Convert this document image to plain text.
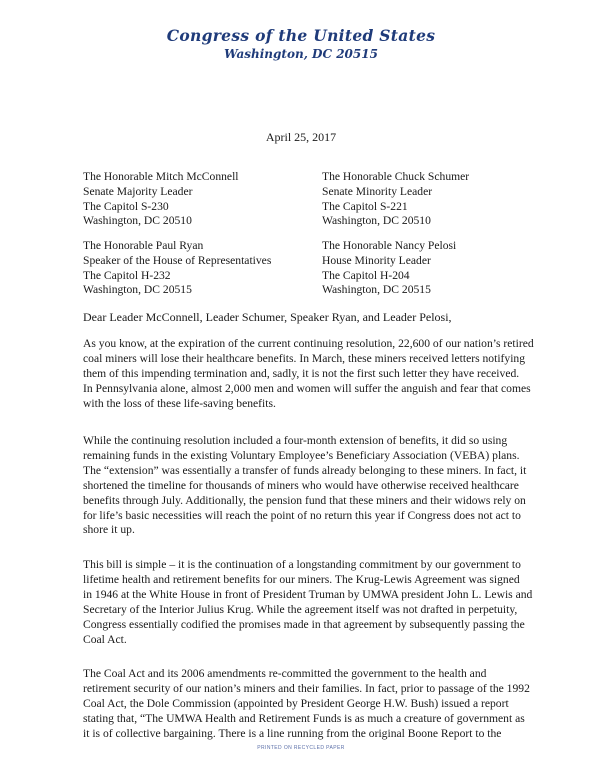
Congress of the United States
Washington, DC 20515
April 25, 2017
The Honorable Mitch McConnell
Senate Majority Leader
The Capitol S-230
Washington, DC 20510
The Honorable Chuck Schumer
Senate Minority Leader
The Capitol S-221
Washington, DC 20510
The Honorable Paul Ryan
Speaker of the House of Representatives
The Capitol H-232
Washington, DC 20515
The Honorable Nancy Pelosi
House Minority Leader
The Capitol H-204
Washington, DC 20515
Dear Leader McConnell, Leader Schumer, Speaker Ryan, and Leader Pelosi,
As you know, at the expiration of the current continuing resolution, 22,600 of our nation’s retired
coal miners will lose their healthcare benefits. In March, these miners received letters notifying
them of this impending termination and, sadly, it is not the first such letter they have received.
In Pennsylvania alone, almost 2,000 men and women will suffer the anguish and fear that comes
with the loss of these life-saving benefits.
While the continuing resolution included a four-month extension of benefits, it did so using
remaining funds in the existing Voluntary Employee’s Beneficiary Association (VEBA) plans.
The “extension” was essentially a transfer of funds already belonging to these miners. In fact, it
shortened the timeline for thousands of miners who would have otherwise received healthcare
benefits through July. Additionally, the pension fund that these miners and their widows rely on
for life’s basic necessities will reach the point of no return this year if Congress does not act to
shore it up.
This bill is simple – it is the continuation of a longstanding commitment by our government to
lifetime health and retirement benefits for our miners. The Krug-Lewis Agreement was signed
in 1946 at the White House in front of President Truman by UMWA president John L. Lewis and
Secretary of the Interior Julius Krug. While the agreement itself was not drafted in perpetuity,
Congress essentially codified the promises made in that agreement by subsequently passing the
Coal Act.
The Coal Act and its 2006 amendments re-committed the government to the health and
retirement security of our nation’s miners and their families. In fact, prior to passage of the 1992
Coal Act, the Dole Commission (appointed by President George H.W. Bush) issued a report
stating that, “The UMWA Health and Retirement Funds is as much a creature of government as
it is of collective bargaining. There is a line running from the original Boone Report to the
PRINTED ON RECYCLED PAPER
